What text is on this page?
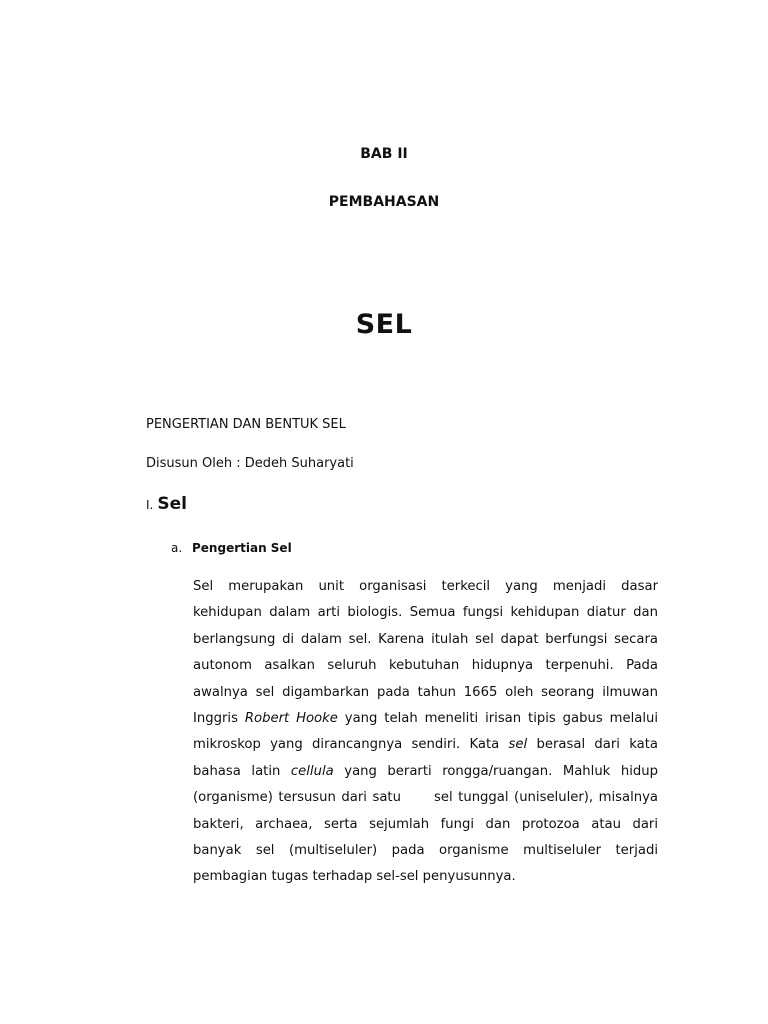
BAB II
PEMBAHASAN
SEL
PENGERTIAN DAN BENTUK SEL
Disusun Oleh : Dedeh Suharyati
I. Sel
a. Pengertian Sel
Sel merupakan unit organisasi terkecil yang menjadi dasar
kehidupan dalam arti biologis. Semua fungsi kehidupan diatur dan
berlangsung di dalam sel. Karena itulah sel dapat berfungsi secara
autonom asalkan seluruh kebutuhan hidupnya terpenuhi. Pada
awalnya sel digambarkan pada tahun 1665 oleh seorang ilmuwan
Inggris Robert Hooke yang telah meneliti irisan tipis gabus melalui
mikroskop yang dirancangnya sendiri. Kata sel berasal dari kata
bahasa latin cellula yang berarti rongga/ruangan. Mahluk hidup
(organisme) tersusun dari satu      sel tunggal (uniseluler), misalnya
bakteri, archaea, serta sejumlah fungi dan protozoa atau dari
banyak sel (multiseluler) pada organisme multiseluler terjadi
pembagian tugas terhadap sel-sel penyusunnya.
